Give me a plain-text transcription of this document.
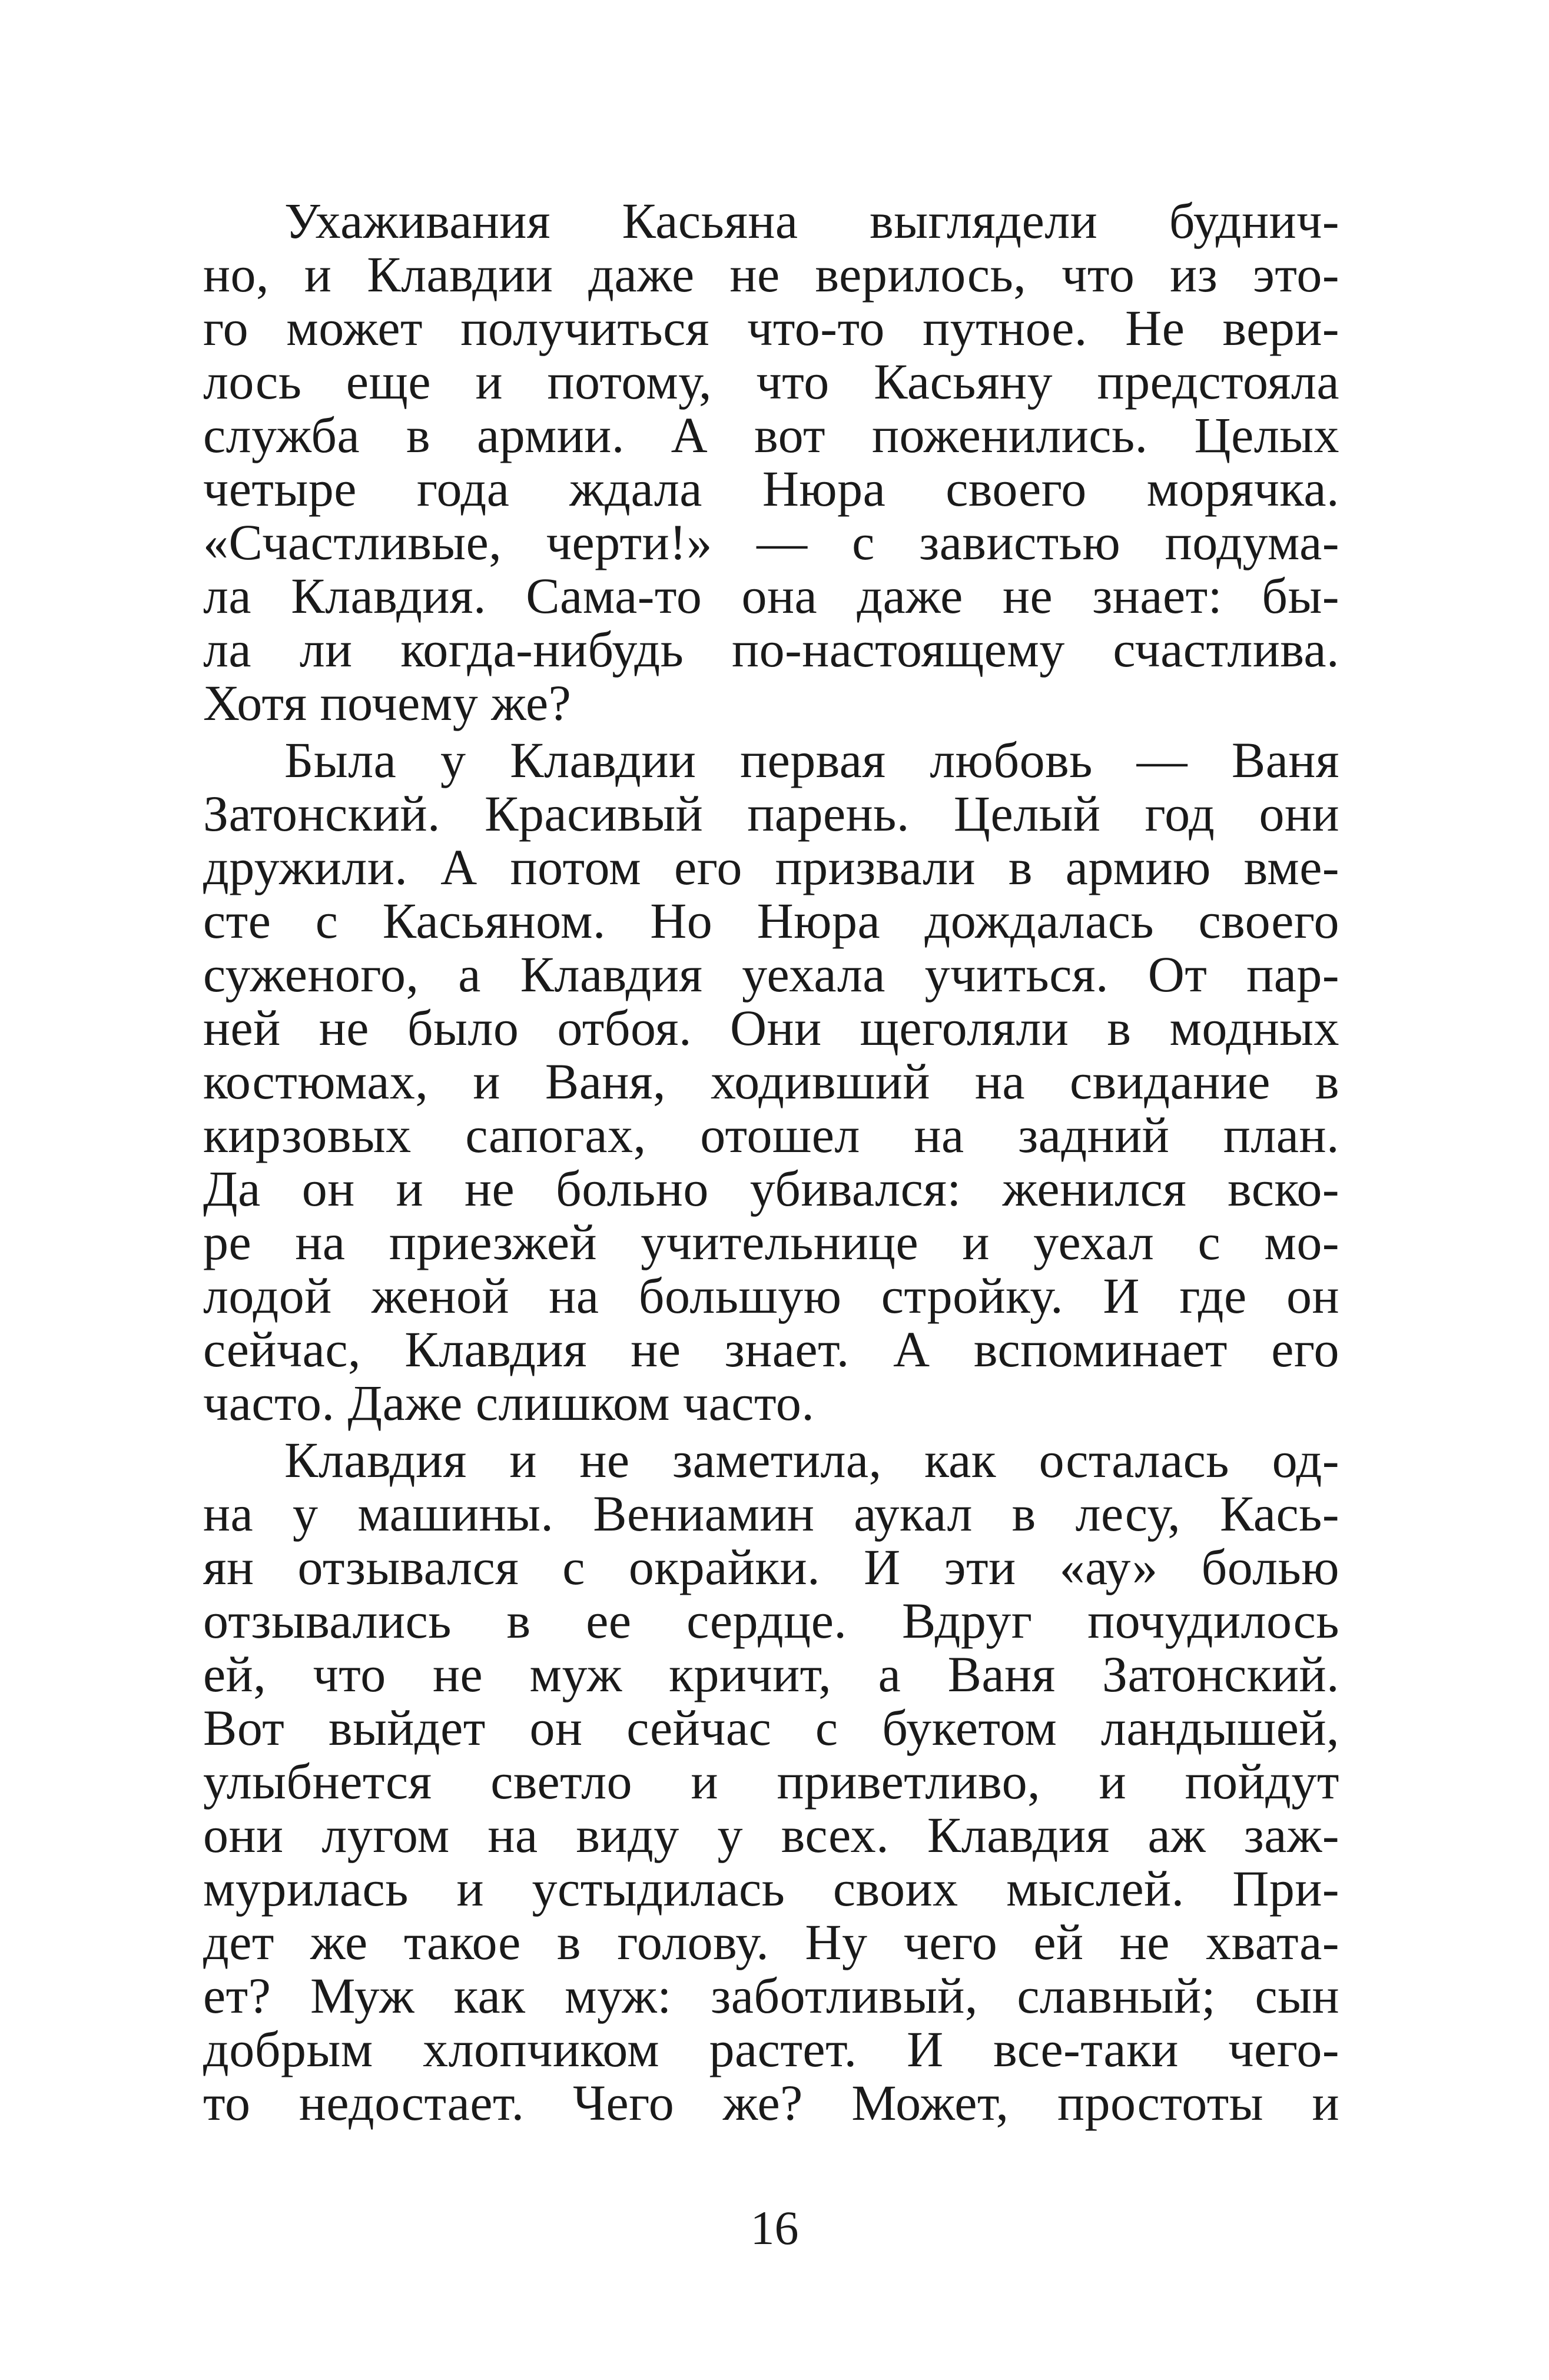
Ухаживания Касьяна выглядели буднич-
но, и Клавдии даже не верилось, что из это-
го может получиться что-то путное. Не вери-
лось еще и потому, что Касьяну предстояла
служба в армии. А вот поженились. Целых
четыре года ждала Нюра своего морячка.
«Счастливые, черти!» — с завистью подума-
ла Клавдия. Сама-то она даже не знает: бы-
ла ли когда-нибудь по-настоящему счастлива.
Хотя почему же?
Была у Клавдии первая любовь — Ваня
Затонский. Красивый парень. Целый год они
дружили. А потом его призвали в армию вме-
сте с Касьяном. Но Нюра дождалась своего
суженого, а Клавдия уехала учиться. От пар-
ней не было отбоя. Они щеголяли в модных
костюмах, и Ваня, ходивший на свидание в
кирзовых сапогах, отошел на задний план.
Да он и не больно убивался: женился вско-
ре на приезжей учительнице и уехал с мо-
лодой женой на большую стройку. И где он
сейчас, Клавдия не знает. А вспоминает его
часто. Даже слишком часто.
Клавдия и не заметила, как осталась од-
на у машины. Вениамин аукал в лесу, Кась-
ян отзывался с окрайки. И эти «ау» болью
отзывались в ее сердце. Вдруг почудилось
ей, что не муж кричит, а Ваня Затонский.
Вот выйдет он сейчас с букетом ландышей,
улыбнется светло и приветливо, и пойдут
они лугом на виду у всех. Клавдия аж заж-
мурилась и устыдилась своих мыслей. При-
дет же такое в голову. Ну чего ей не хвата-
ет? Муж как муж: заботливый, славный; сын
добрым хлопчиком растет. И все-таки чего-
то недостает. Чего же? Может, простоты и
16
